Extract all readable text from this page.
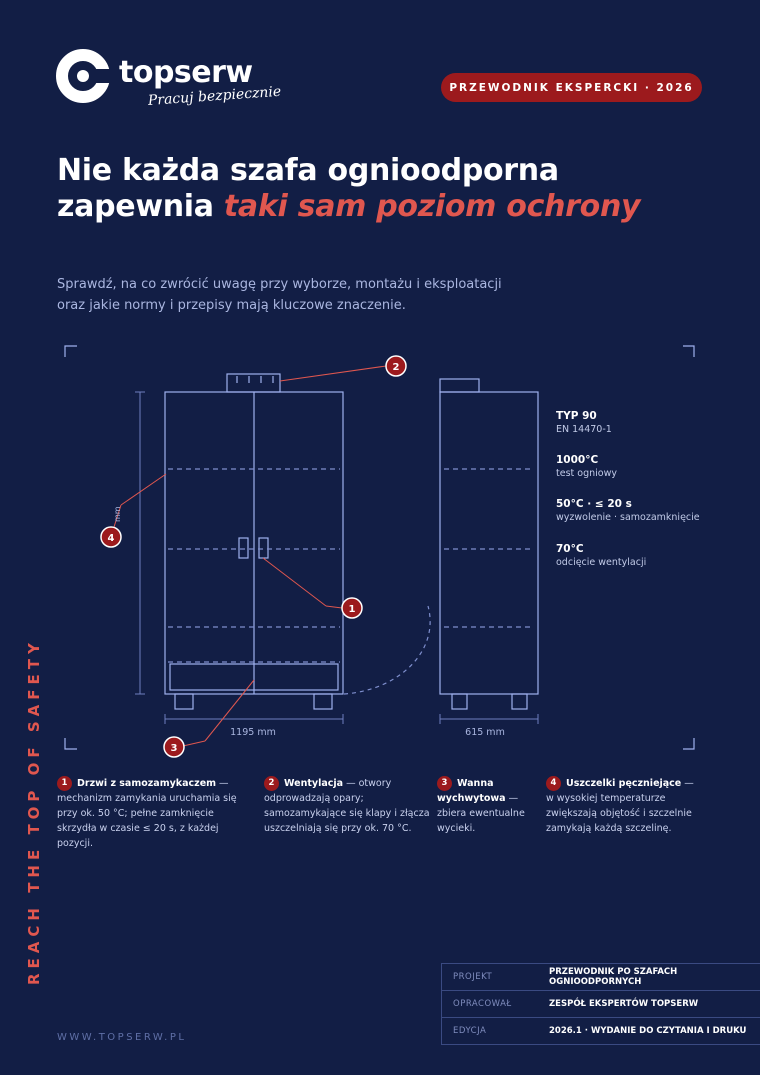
topserw
Pracuj bezpiecznie	PRZEWODNIK EKSPERCKI · 2026
Nie każda szafa ognioodporna
zapewnia taki sam poziom ochrony
Sprawdź, na co zwrócić uwagę przy wyborze, montażu i eksploatacji oraz jakie normy i przepisy mają kluczowe znaczenie.
1195 mm	615 mm
mm
2
1
3
4
TYP 90
EN 14470-1
1000°C
test ogniowy
50°C · ≤ 20 s
wyzwolenie · samozamknięcie
70°C
odcięcie wentylacji
1 Drzwi z samozamykaczem — mechanizm zamykania uruchamia się przy ok. 50 °C; pełne zamknięcie skrzydła w czasie ≤ 20 s, z każdej pozycji.
2 Wentylacja — otwory odprowadzają opary; samozamykające się klapy i złącza uszczelniają się przy ok. 70 °C.
3 Wanna wychwytowa — zbiera ewentualne wycieki.
4 Uszczelki pęczniejące — w wysokiej temperaturze zwiększają objętość i szczelnie zamykają każdą szczelinę.
REACH THE TOP OF SAFETY
WWW.TOPSERW.PL
PROJEKT	PRZEWODNIK PO SZAFACH OGNIOODPORNYCH
OPRACOWAŁ	ZESPÓŁ EKSPERTÓW TOPSERW
EDYCJA	2026.1 · WYDANIE DO CZYTANIA I DRUKU
